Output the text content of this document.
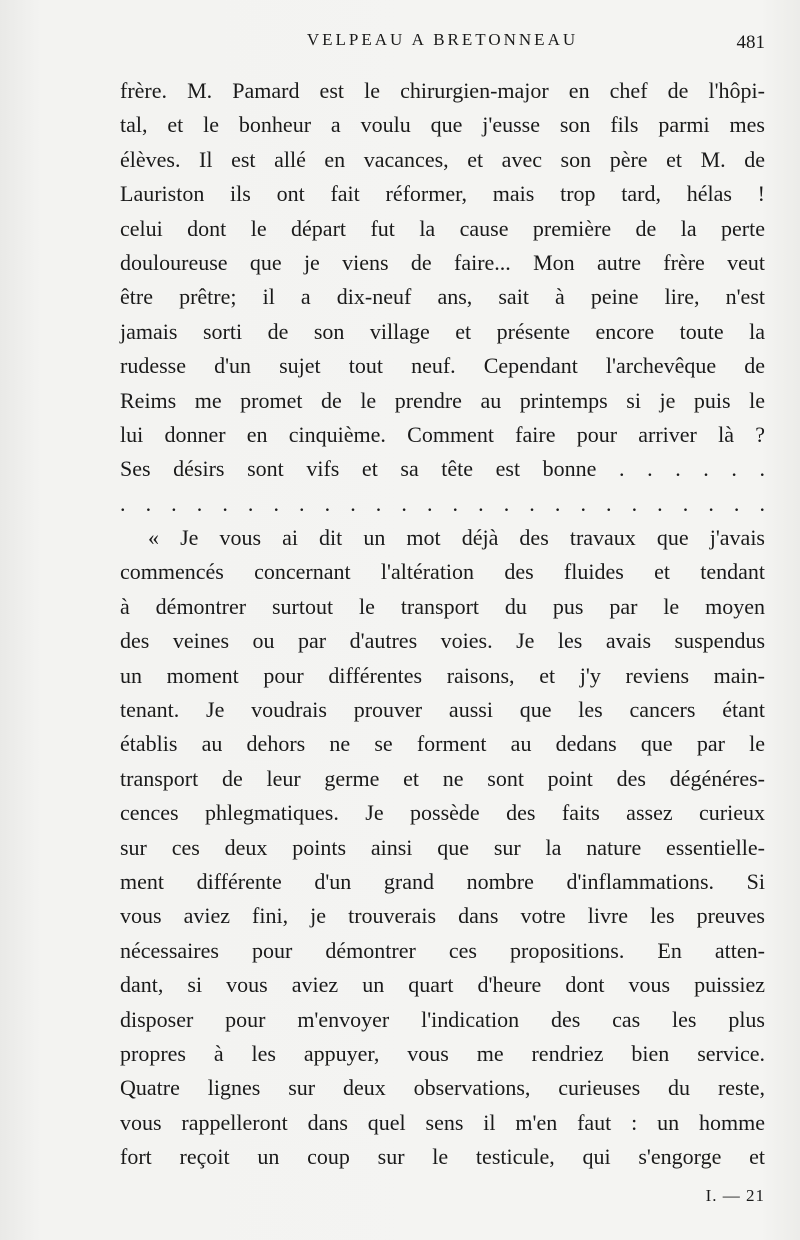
VELPEAU A BRETONNEAU	481
frère. M. Pamard est le chirurgien-major en chef de l'hôpi-
tal, et le bonheur a voulu que j'eusse son fils parmi mes
élèves. Il est allé en vacances, et avec son père et M. de
Lauriston ils ont fait réformer, mais trop tard, hélas !
celui dont le départ fut la cause première de la perte
douloureuse que je viens de faire... Mon autre frère veut
être prêtre; il a dix-neuf ans, sait à peine lire, n'est
jamais sorti de son village et présente encore toute la
rudesse d'un sujet tout neuf. Cependant l'archevêque de
Reims me promet de le prendre au printemps si je puis le
lui donner en cinquième. Comment faire pour arriver là ?
Ses désirs sont vifs et sa tête est bonne . . . . . .
. . . . . . . . . . . . . . . . . . . . . . . . . .
« Je vous ai dit un mot déjà des travaux que j'avais
commencés concernant l'altération des fluides et tendant
à démontrer surtout le transport du pus par le moyen
des veines ou par d'autres voies. Je les avais suspendus
un moment pour différentes raisons, et j'y reviens main-
tenant. Je voudrais prouver aussi que les cancers étant
établis au dehors ne se forment au dedans que par le
transport de leur germe et ne sont point des dégénéres-
cences phlegmatiques. Je possède des faits assez curieux
sur ces deux points ainsi que sur la nature essentielle-
ment différente d'un grand nombre d'inflammations. Si
vous aviez fini, je trouverais dans votre livre les preuves
nécessaires pour démontrer ces propositions. En atten-
dant, si vous aviez un quart d'heure dont vous puissiez
disposer pour m'envoyer l'indication des cas les plus
propres à les appuyer, vous me rendriez bien service.
Quatre lignes sur deux observations, curieuses du reste,
vous rappelleront dans quel sens il m'en faut : un homme
fort reçoit un coup sur le testicule, qui s'engorge et
I. — 21
